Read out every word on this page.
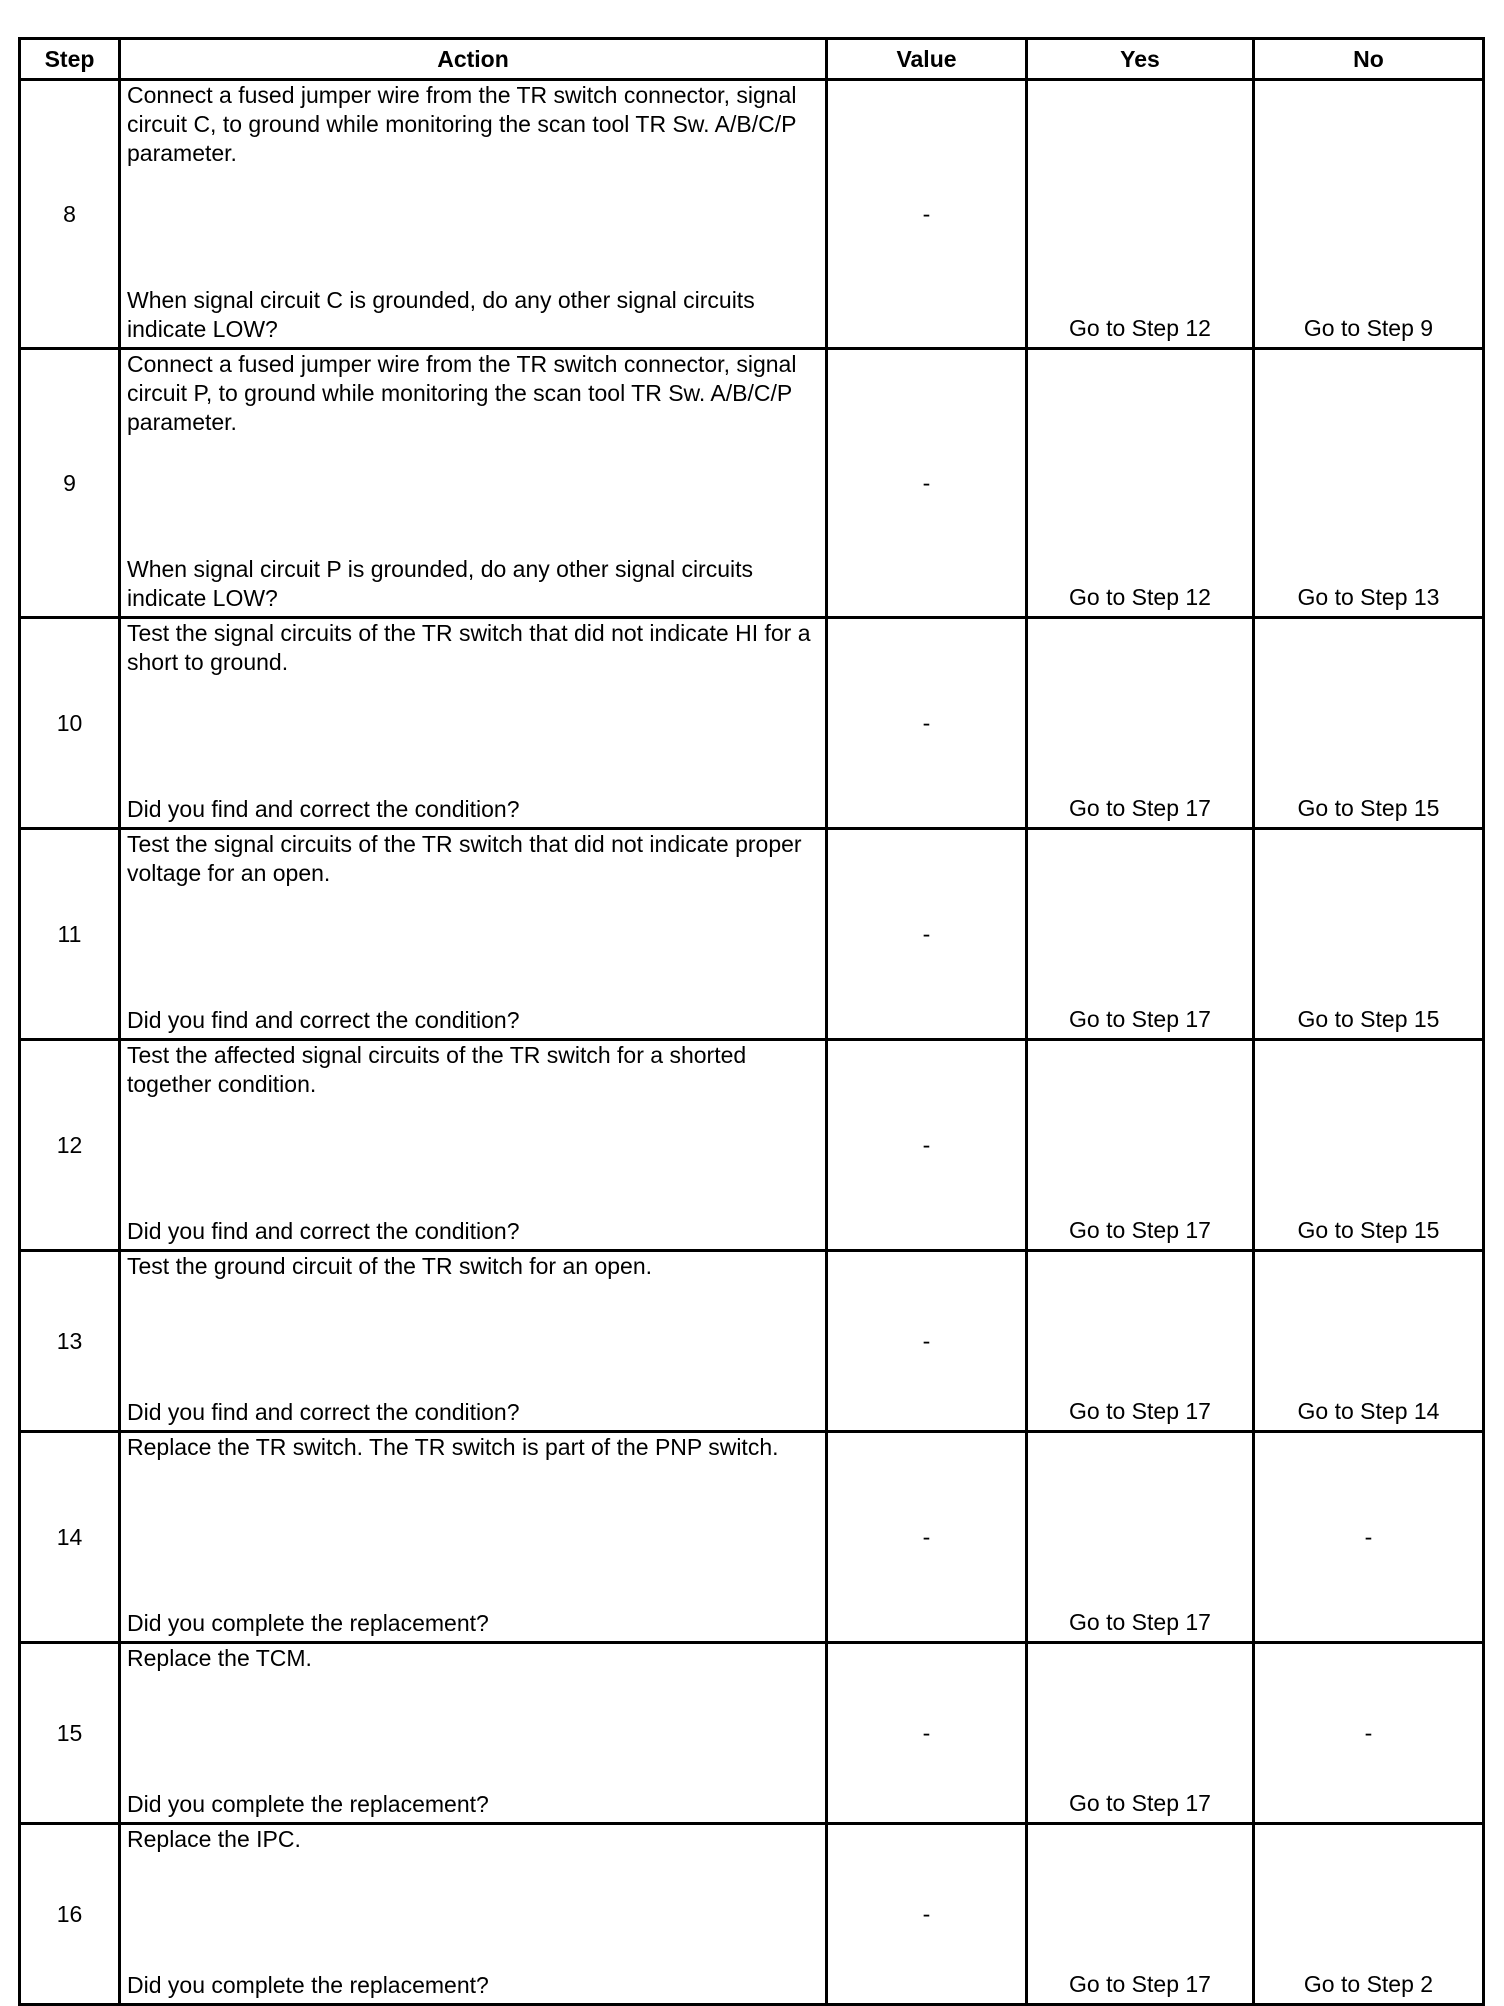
Step	Action	Value	Yes	No
8	Connect a fused jumper wire from the TR switch connector, signal circuit C, to ground while monitoring the scan tool TR Sw. A/B/C/P parameter.
When signal circuit C is grounded, do any other signal circuits indicate LOW?	-	Go to Step 12	Go to Step 9
9	Connect a fused jumper wire from the TR switch connector, signal circuit P, to ground while monitoring the scan tool TR Sw. A/B/C/P parameter.
When signal circuit P is grounded, do any other signal circuits indicate LOW?	-	Go to Step 12	Go to Step 13
10	Test the signal circuits of the TR switch that did not indicate HI for a short to ground.
Did you find and correct the condition?	-	Go to Step 17	Go to Step 15
11	Test the signal circuits of the TR switch that did not indicate proper voltage for an open.
Did you find and correct the condition?	-	Go to Step 17	Go to Step 15
12	Test the affected signal circuits of the TR switch for a shorted together condition.
Did you find and correct the condition?	-	Go to Step 17	Go to Step 15
13	Test the ground circuit of the TR switch for an open.
Did you find and correct the condition?	-	Go to Step 17	Go to Step 14
14	Replace the TR switch. The TR switch is part of the PNP switch.
Did you complete the replacement?	-	Go to Step 17	-
15	Replace the TCM.
Did you complete the replacement?	-	Go to Step 17	-
16	Replace the IPC.
Did you complete the replacement?	-	Go to Step 17	Go to Step 2
